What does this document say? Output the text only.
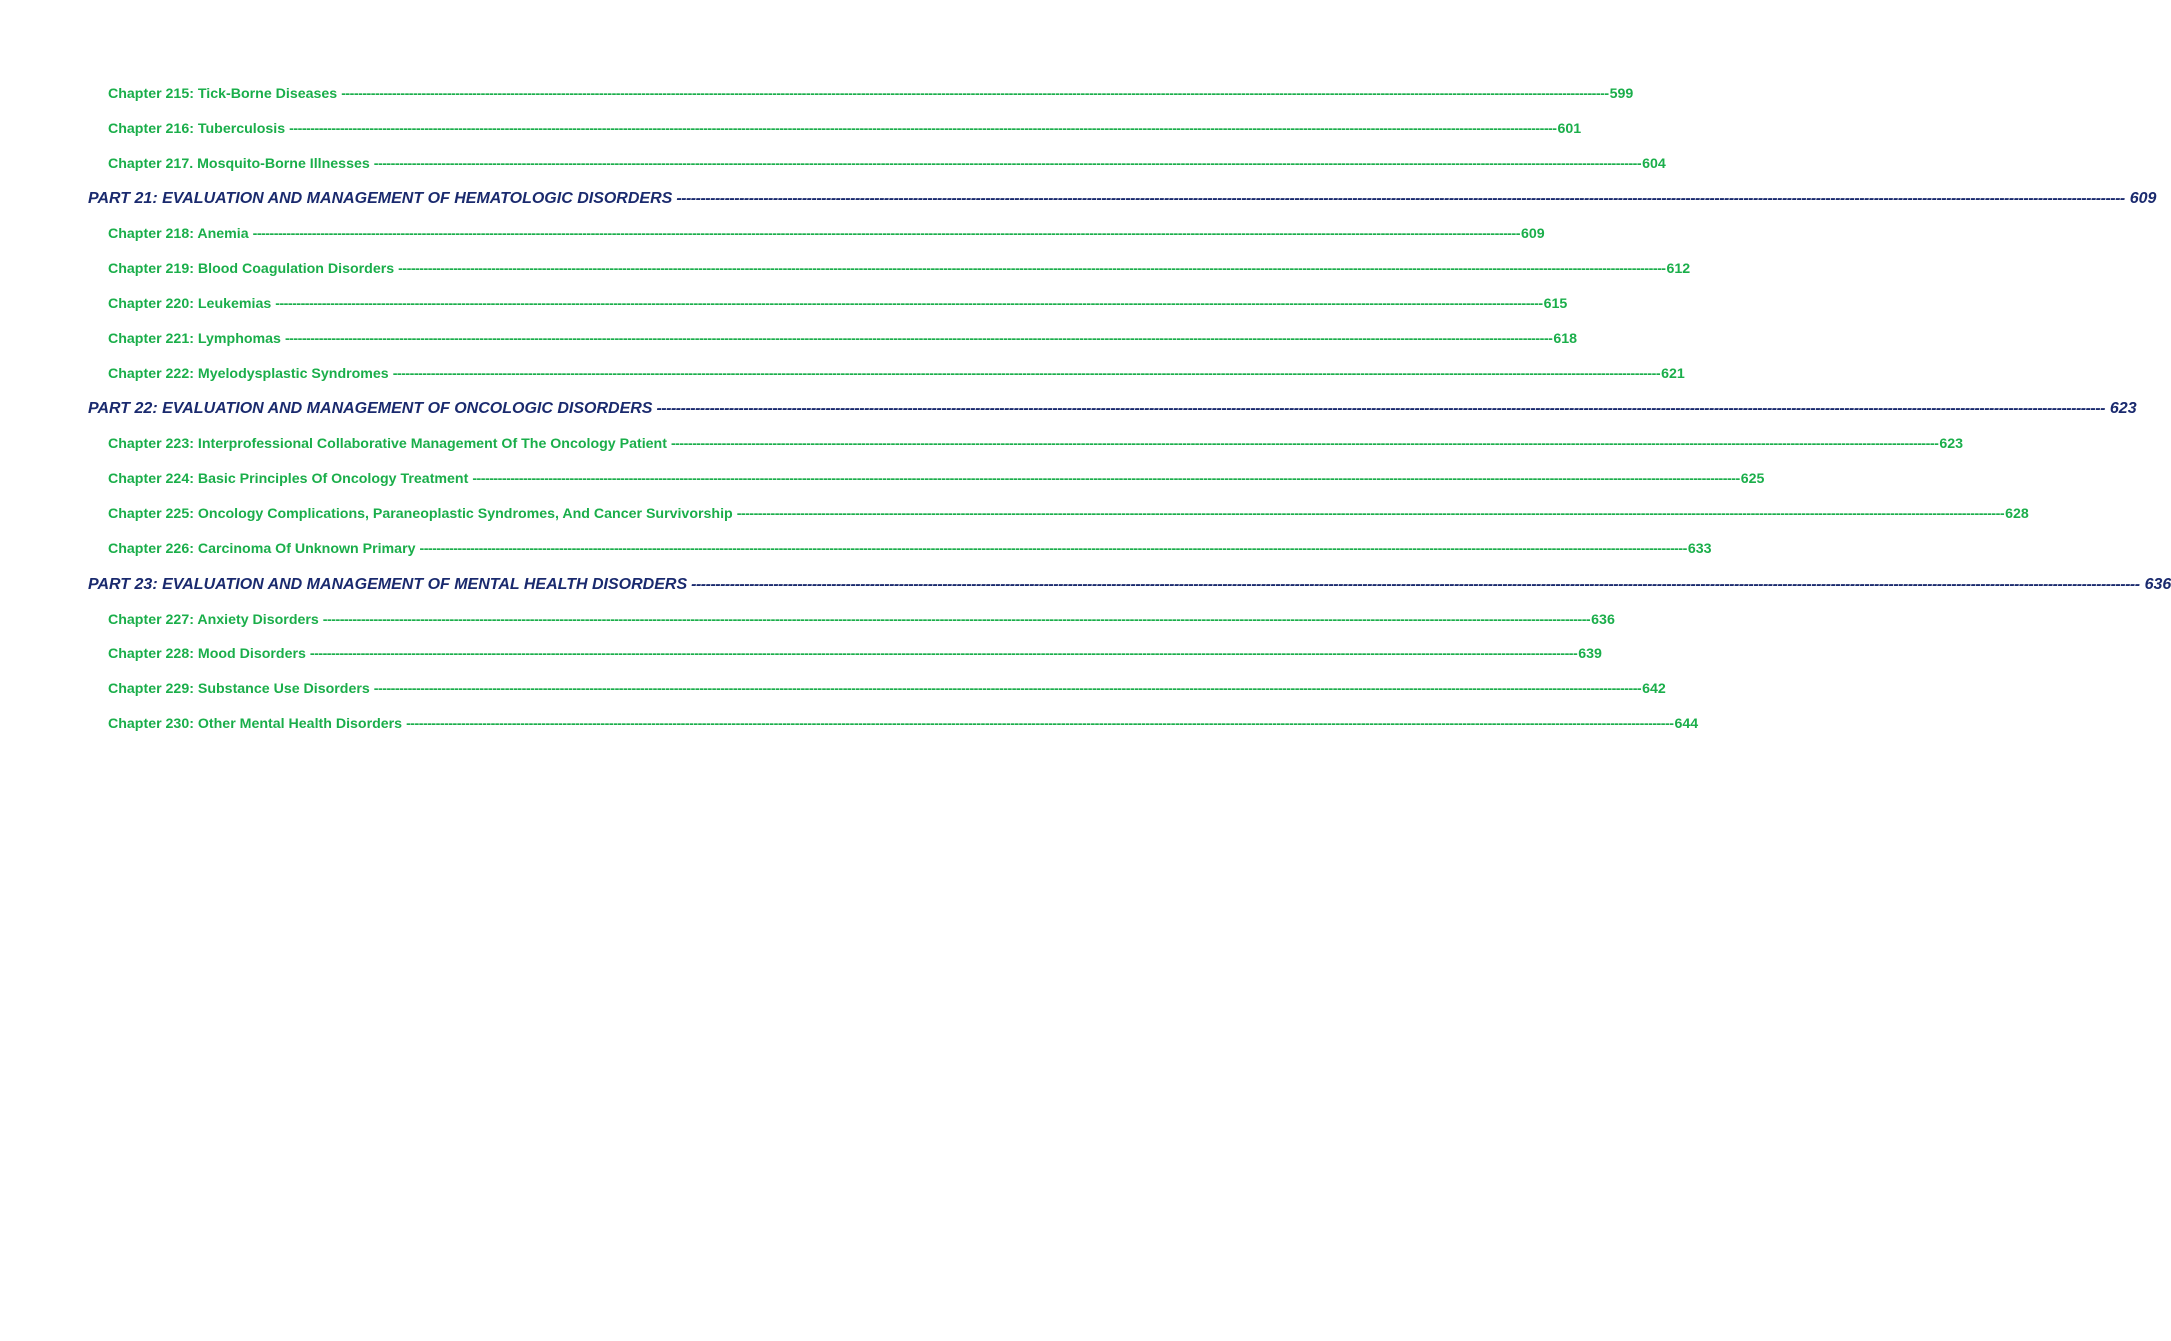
Chapter 215: Tick-Borne Diseases ------------------------------------------------------------------------------------------------------------------------------------------------------------------------------------------------------------------------------------------------------------------------------------------------------------ 599
Chapter 216: Tuberculosis ------------------------------------------------------------------------------------------------------------------------------------------------------------------------------------------------------------------------------------------------------------------------------------------------------------ 601
Chapter 217. Mosquito-Borne Illnesses ------------------------------------------------------------------------------------------------------------------------------------------------------------------------------------------------------------------------------------------------------------------------------------------------------------ 604
PART 21: EVALUATION AND MANAGEMENT OF HEMATOLOGIC DISORDERS ------------------------------------------------------------------------------------------------------------------------------------------------------------------------------------------------------------------------------------------------------------------------------------------------------------ 609
Chapter 218: Anemia ------------------------------------------------------------------------------------------------------------------------------------------------------------------------------------------------------------------------------------------------------------------------------------------------------------ 609
Chapter 219: Blood Coagulation Disorders ------------------------------------------------------------------------------------------------------------------------------------------------------------------------------------------------------------------------------------------------------------------------------------------------------------ 612
Chapter 220: Leukemias ------------------------------------------------------------------------------------------------------------------------------------------------------------------------------------------------------------------------------------------------------------------------------------------------------------ 615
Chapter 221: Lymphomas ------------------------------------------------------------------------------------------------------------------------------------------------------------------------------------------------------------------------------------------------------------------------------------------------------------ 618
Chapter 222: Myelodysplastic Syndromes ------------------------------------------------------------------------------------------------------------------------------------------------------------------------------------------------------------------------------------------------------------------------------------------------------------ 621
PART 22: EVALUATION AND MANAGEMENT OF ONCOLOGIC DISORDERS ------------------------------------------------------------------------------------------------------------------------------------------------------------------------------------------------------------------------------------------------------------------------------------------------------------ 623
Chapter 223: Interprofessional Collaborative Management Of The Oncology Patient ------------------------------------------------------------------------------------------------------------------------------------------------------------------------------------------------------------------------------------------------------------------------------------------------------------ 623
Chapter 224: Basic Principles Of Oncology Treatment ------------------------------------------------------------------------------------------------------------------------------------------------------------------------------------------------------------------------------------------------------------------------------------------------------------ 625
Chapter 225: Oncology Complications, Paraneoplastic Syndromes, And Cancer Survivorship ------------------------------------------------------------------------------------------------------------------------------------------------------------------------------------------------------------------------------------------------------------------------------------------------------------ 628
Chapter 226: Carcinoma Of Unknown Primary ------------------------------------------------------------------------------------------------------------------------------------------------------------------------------------------------------------------------------------------------------------------------------------------------------------ 633
PART 23: EVALUATION AND MANAGEMENT OF MENTAL HEALTH DISORDERS ------------------------------------------------------------------------------------------------------------------------------------------------------------------------------------------------------------------------------------------------------------------------------------------------------------ 636
Chapter 227: Anxiety Disorders ------------------------------------------------------------------------------------------------------------------------------------------------------------------------------------------------------------------------------------------------------------------------------------------------------------ 636
Chapter 228: Mood Disorders ------------------------------------------------------------------------------------------------------------------------------------------------------------------------------------------------------------------------------------------------------------------------------------------------------------ 639
Chapter 229: Substance Use Disorders ------------------------------------------------------------------------------------------------------------------------------------------------------------------------------------------------------------------------------------------------------------------------------------------------------------ 642
Chapter 230: Other Mental Health Disorders ------------------------------------------------------------------------------------------------------------------------------------------------------------------------------------------------------------------------------------------------------------------------------------------------------------ 644
